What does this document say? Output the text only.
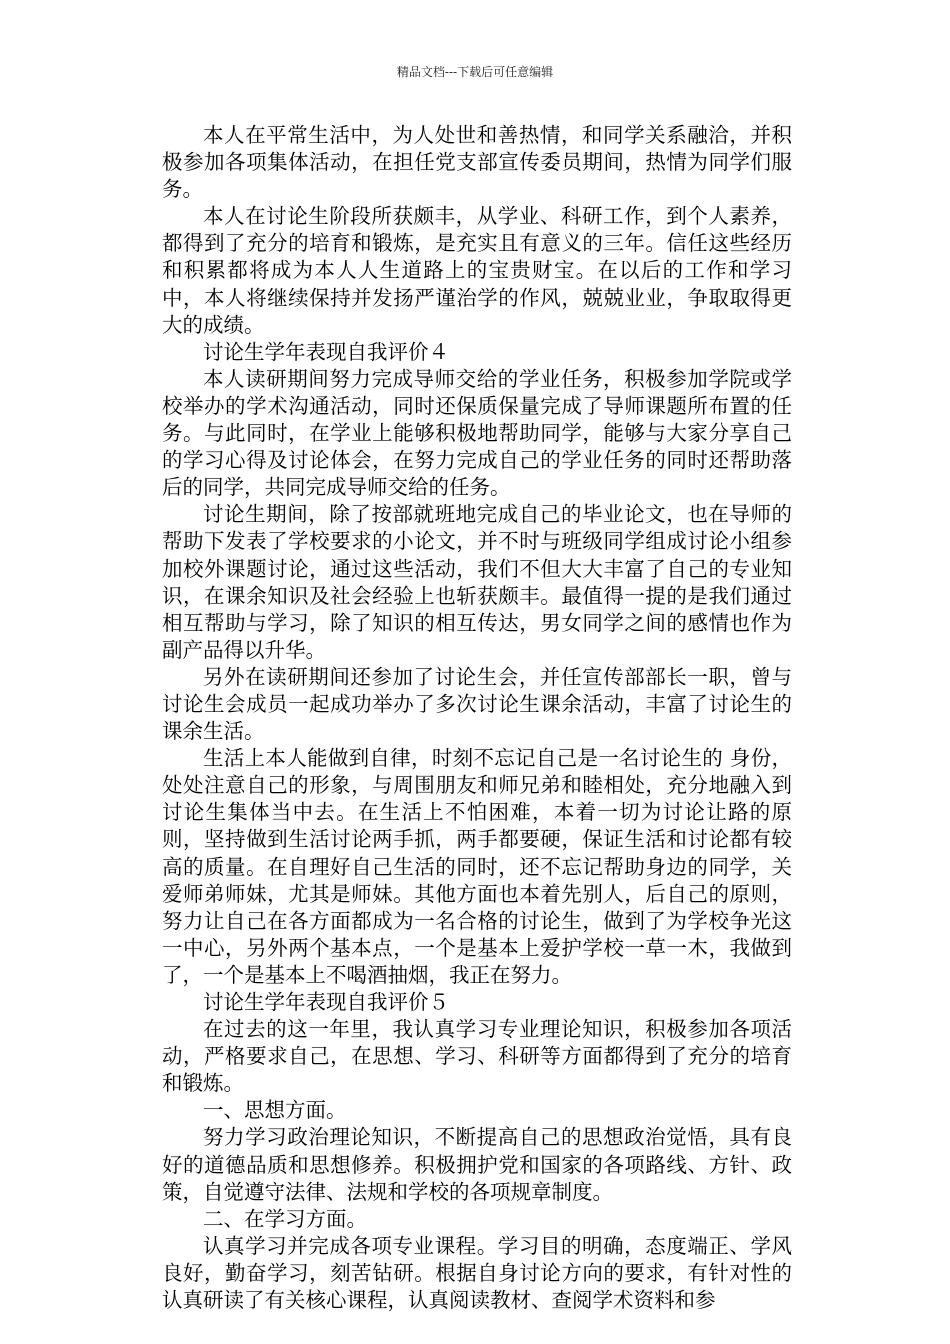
精品文档---下载后可任意编辑

本人在平常生活中，为人处世和善热情，和同学关系融洽，并积极参加各项集体活动，在担任党支部宣传委员期间，热情为同学们服务。

本人在讨论生阶段所获颇丰，从学业、科研工作，到个人素养，都得到了充分的培育和锻炼，是充实且有意义的三年。信任这些经历和积累都将成为本人人生道路上的宝贵财宝。在以后的工作和学习中，本人将继续保持并发扬严谨治学的作风，兢兢业业，争取取得更大的成绩。

讨论生学年表现自我评价４

本人读研期间努力完成导师交给的学业任务，积极参加学院或学校举办的学术沟通活动，同时还保质保量完成了导师课题所布置的任务。与此同时，在学业上能够积极地帮助同学，能够与大家分享自己的学习心得及讨论体会，在努力完成自己的学业任务的同时还帮助落后的同学，共同完成导师交给的任务。

讨论生期间，除了按部就班地完成自己的毕业论文，也在导师的帮助下发表了学校要求的小论文，并不时与班级同学组成讨论小组参加校外课题讨论，通过这些活动，我们不但大大丰富了自己的专业知识，在课余知识及社会经验上也斩获颇丰。最值得一提的是我们通过相互帮助与学习，除了知识的相互传达，男女同学之间的感情也作为副产品得以升华。

另外在读研期间还参加了讨论生会，并任宣传部部长一职，曾与讨论生会成员一起成功举办了多次讨论生课余活动，丰富了讨论生的课余生活。

生活上本人能做到自律，时刻不忘记自己是一名讨论生的 身份，处处注意自己的形象，与周围朋友和师兄弟和睦相处，充分地融入到讨论生集体当中去。在生活上不怕困难，本着一切为讨论让路的原则，坚持做到生活讨论两手抓，两手都要硬，保证生活和讨论都有较高的质量。在自理好自己生活的同时，还不忘记帮助身边的同学，关爱师弟师妹，尤其是师妹。其他方面也本着先别人，后自己的原则，努力让自己在各方面都成为一名合格的讨论生，做到了为学校争光这一中心，另外两个基本点，一个是基本上爱护学校一草一木，我做到了，一个是基本上不喝酒抽烟，我正在努力。

讨论生学年表现自我评价５

在过去的这一年里，我认真学习专业理论知识，积极参加各项活动，严格要求自己，在思想、学习、科研等方面都得到了充分的培育和锻炼。

一、思想方面。

努力学习政治理论知识，不断提高自己的思想政治觉悟，具有良好的道德品质和思想修养。积极拥护党和国家的各项路线、方针、政策，自觉遵守法律、法规和学校的各项规章制度。

二、在学习方面。

认真学习并完成各项专业课程。学习目的明确，态度端正、学风良好，勤奋学习，刻苦钻研。根据自身讨论方向的要求，有针对性的认真研读了有关核心课程，认真阅读教材、查阅学术资料和参
